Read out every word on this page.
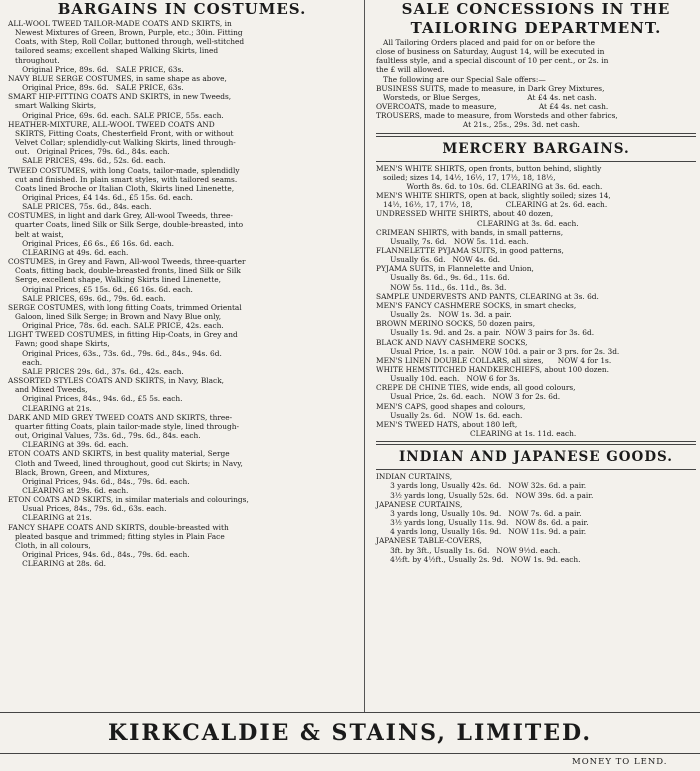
BARGAINS IN COSTUMES.
ALL-WOOL TWEED TAILOR-MADE COATS AND SKIRTS, in
Newest Mixtures of Green, Brown, Purple, etc.; 30in. Fitting
Coats, with Step, Roll Collar, buttoned through, well-stitched
tailored seams; excellent shaped Walking Skirts, lined
throughout.
Original Price, 89s. 6d.   SALE PRICE, 63s.
NAVY BLUE SERGE COSTUMES, in same shape as above,
Original Price, 89s. 6d.   SALE PRICE, 63s.
SMART HIP-FITTING COATS AND SKIRTS, in new Tweeds,
smart Walking Skirts,
Original Price, 69s. 6d. each. SALE PRICE, 55s. each.
HEATHER-MIXTURE, ALL-WOOL TWEED COATS AND
SKIRTS, Fitting Coats, Chesterfield Front, with or without
Velvet Collar; splendidly-cut Walking Skirts, lined through-
out.   Original Prices, 79s. 6d., 84s. each.
SALE PRICES, 49s. 6d., 52s. 6d. each.
TWEED COSTUMES, with long Coats, tailor-made, splendidly
cut and finished. In plain smart styles, with tailored seams.
Coats lined Broche or Italian Cloth, Skirts lined Linenette,
Original Prices, £4 14s. 6d., £5 15s. 6d. each.
SALE PRICES, 75s. 6d., 84s. each.
COSTUMES, in light and dark Grey, All-wool Tweeds, three-
quarter Coats, lined Silk or Silk Serge, double-breasted, into
belt at waist,
Original Prices, £6 6s., £6 16s. 6d. each.
CLEARING at 49s. 6d. each.
COSTUMES, in Grey and Fawn, All-wool Tweeds, three-quarter
Coats, fitting back, double-breasted fronts, lined Silk or Silk
Serge, excellent shape, Walking Skirts lined Linenette,
Original Prices, £5 15s. 6d., £6 16s. 6d. each.
SALE PRICES, 69s. 6d., 79s. 6d. each.
SERGE COSTUMES, with long fitting Coats, trimmed Oriental
Galoon, lined Silk Serge; in Brown and Navy Blue only,
Original Price, 78s. 6d. each. SALE PRICE, 42s. each.
LIGHT TWEED COSTUMES, in fitting Hip-Coats, in Grey and
Fawn; good shape Skirts,
Original Prices, 63s., 73s. 6d., 79s. 6d., 84s., 94s. 6d.
each.
SALE PRICES 29s. 6d., 37s. 6d., 42s. each.
ASSORTED STYLES COATS AND SKIRTS, in Navy, Black,
and Mixed Tweeds,
Original Prices, 84s., 94s. 6d., £5 5s. each.
CLEARING at 21s.
DARK AND MID GREY TWEED COATS AND SKIRTS, three-
quarter fitting Coats, plain tailor-made style, lined through-
out, Original Values, 73s. 6d., 79s. 6d., 84s. each.
CLEARING at 39s. 6d. each.
ETON COATS AND SKIRTS, in best quality material, Serge
Cloth and Tweed, lined throughout, good cut Skirts; in Navy,
Black, Brown, Green, and Mixtures,
Original Prices, 94s. 6d., 84s., 79s. 6d. each.
CLEARING at 29s. 6d. each.
ETON COATS AND SKIRTS, in similar materials and colourings,
Usual Prices, 84s., 79s. 6d., 63s. each.
CLEARING at 21s.
FANCY SHAPE COATS AND SKIRTS, double-breasted with
pleated basque and trimmed; fitting styles in Plain Face
Cloth, in all colours,
Original Prices, 94s. 6d., 84s., 79s. 6d. each.
CLEARING at 28s. 6d.
SALE CONCESSIONS IN THE
TAILORING DEPARTMENT.
All Tailoring Orders placed and paid for on or before the
close of business on Saturday, August 14, will be executed in
faultless style, and a special discount of 10 per cent., or 2s. in
the £ will allowed.
The following are our Special Sale offers:—
BUSINESS SUITS, made to measure, in Dark Grey Mixtures,
Worsteds, or Blue Serges,                    At £4 4s. net cash.
OVERCOATS, made to measure,                  At £4 4s. net cash.
TROUSERS, made to measure, from Worsteds and other fabrics,
At 21s., 25s., 29s. 3d. net cash.
MERCERY BARGAINS.
MEN'S WHITE SHIRTS, open fronts, button behind, slightly
soiled; sizes 14, 14½, 16½, 17, 17½, 18, 18½,
Worth 8s. 6d. to 10s. 6d. CLEARING at 3s. 6d. each.
MEN'S WHITE SHIRTS, open at back, slightly soiled; sizes 14,
14½, 16½, 17, 17½, 18,              CLEARING at 2s. 6d. each.
UNDRESSED WHITE SHIRTS, about 40 dozen,
CLEARING at 3s. 6d. each.
CRIMEAN SHIRTS, with bands, in small patterns,
Usually, 7s. 6d.   NOW 5s. 11d. each.
FLANNELETTE PYJAMA SUITS, in good patterns,
Usually 6s. 6d.   NOW 4s. 6d.
PYJAMA SUITS, in Flannelette and Union,
Usually 8s. 6d., 9s. 6d., 11s. 6d.
NOW 5s. 11d., 6s. 11d., 8s. 3d.
SAMPLE UNDERVESTS AND PANTS, CLEARING at 3s. 6d.
MEN'S FANCY CASHMERE SOCKS, in smart checks,
Usually 2s.   NOW 1s. 3d. a pair.
BROWN MERINO SOCKS, 50 dozen pairs,
Usually 1s. 9d. and 2s. a pair.  NOW 3 pairs for 3s. 6d.
BLACK AND NAVY CASHMERE SOCKS,
Usual Price, 1s. a pair.   NOW 10d. a pair or 3 prs. for 2s. 3d.
MEN'S LINEN DOUBLE COLLARS, all sizes,      NOW 4 for 1s.
WHITE HEMSTITCHED HANDKERCHIEFS, about 100 dozen.
Usually 10d. each.   NOW 6 for 3s.
CREPE DE CHINE TIES, wide ends, all good colours,
Usual Price, 2s. 6d. each.   NOW 3 for 2s. 6d.
MEN'S CAPS, good shapes and colours,
Usually 2s. 6d.   NOW 1s. 6d. each.
MEN'S TWEED HATS, about 180 left,
CLEARING at 1s. 11d. each.
INDIAN AND JAPANESE GOODS.
INDIAN CURTAINS,
3 yards long, Usually 42s. 6d.   NOW 32s. 6d. a pair.
3½ yards long, Usually 52s. 6d.   NOW 39s. 6d. a pair.
JAPANESE CURTAINS,
3 yards long, Usually 10s. 9d.   NOW 7s. 6d. a pair.
3½ yards long, Usually 11s. 9d.   NOW 8s. 6d. a pair.
4 yards long, Usually 16s. 9d.   NOW 11s. 9d. a pair.
JAPANESE TABLE-COVERS,
3ft. by 3ft., Usually 1s. 6d.   NOW 9½d. each.
4½ft. by 4½ft., Usually 2s. 9d.   NOW 1s. 9d. each.
KIRKCALDIE & STAINS, LIMITED.
MONEY TO LEND.
